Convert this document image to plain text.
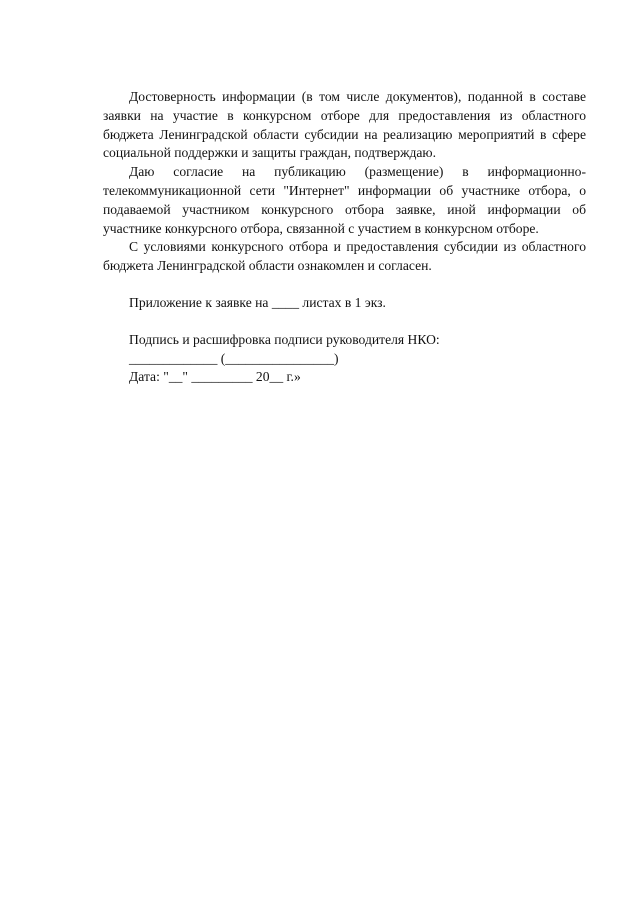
Достоверность информации (в том числе документов), поданной в составе заявки на участие в конкурсном отборе для предоставления из областного бюджета Ленинградской области субсидии на реализацию мероприятий в сфере социальной поддержки и защиты граждан, подтверждаю.

Даю согласие на публикацию (размещение) в информационно-телекоммуникационной сети "Интернет" информации об участнике отбора, о подаваемой участником конкурсного отбора заявке, иной информации об участнике конкурсного отбора, связанной с участием в конкурсном отборе.

С условиями конкурсного отбора и предоставления субсидии из областного бюджета Ленинградской области ознакомлен и согласен.

Приложение к заявке на ____ листах в 1 экз.

Подпись и расшифровка подписи руководителя НКО:

_____________ (________________)

Дата: "__" _________ 20__ г.»
